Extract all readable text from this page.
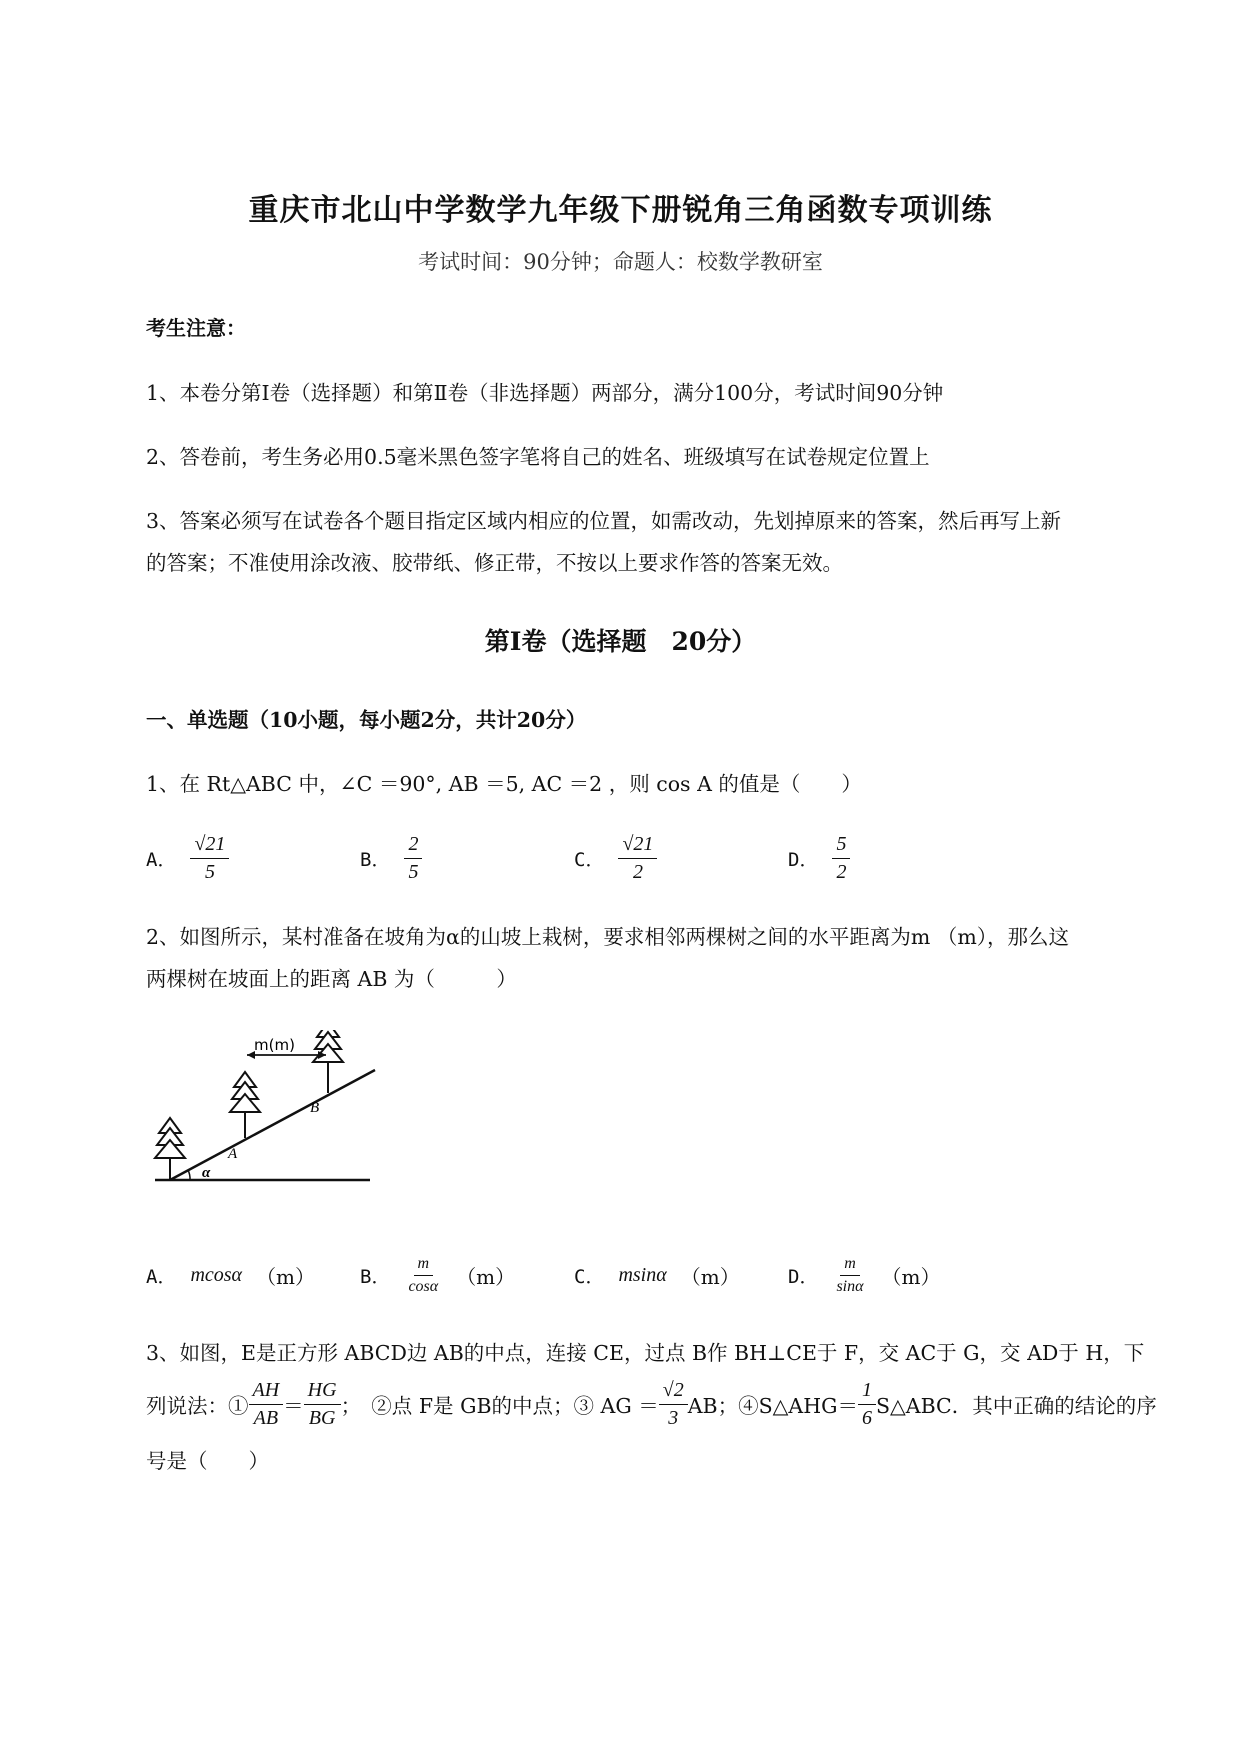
重庆市北山中学数学九年级下册锐角三角函数专项训练
考试时间：90分钟；命题人：校数学教研室
考生注意：
1、本卷分第Ⅰ卷（选择题）和第Ⅱ卷（非选择题）两部分，满分100分，考试时间90分钟
2、答卷前，考生务必用0.5毫米黑色签字笔将自己的姓名、班级填写在试卷规定位置上
3、答案必须写在试卷各个题目指定区域内相应的位置，如需改动，先划掉原来的答案，然后再写上新
的答案；不准使用涂改液、胶带纸、修正带，不按以上要求作答的答案无效。
第Ⅰ卷（选择题　20分）
一、单选题（10小题，每小题2分，共计20分）
1、在 Rt△ABC 中，∠C ＝90°, AB ＝5, AC ＝2 ，则 cos A 的值是（　　）
A． $\frac{√21}{5}$	B． $\frac{2}{5}$	C． $\frac{√21}{2}$	D． $\frac{5}{2}$
2、如图所示，某村准备在坡角为α的山坡上栽树，要求相邻两棵树之间的水平距离为m （m），那么这
两棵树在坡面上的距离 AB 为（　　　）
α
m(m)
A
B
A． mcosα （m） B． $\frac{m}{\cos\alpha} (m)$	C． msinα （m）	D． $\frac{m}{\sin\alpha} (m)$
3、如图，E是正方形 ABCD边 AB的中点，连接 CE，过点 B作 BH⊥CE于 F，交 AC于 G，交 AD于 H，下
列说法：① $\frac{AH}{AB} = \frac{HG}{BG}$ ；　②点 F是 GB的中点；③ AG ＝ $\frac{√2}{3}$ AB；④S△AHG＝ $\frac{1}{6}$ S△ABC．其中正确的结论的序
号是（　　）
